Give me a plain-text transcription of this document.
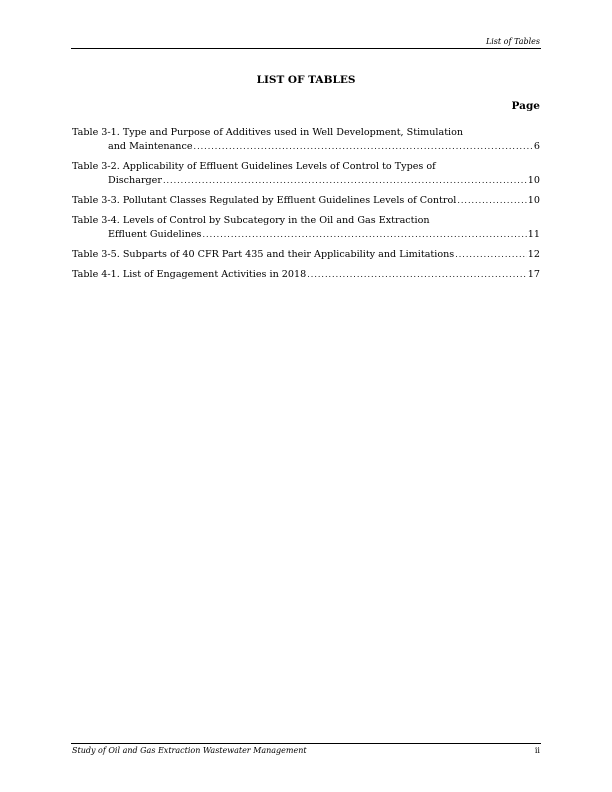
List of Tables
LIST OF TABLES
Page
Table 3-1. Type and Purpose of Additives used in Well Development, Stimulation
and Maintenance .....	6
Table 3-2. Applicability of Effluent Guidelines Levels of Control to Types of
Discharger .....	10
Table 3-3. Pollutant Classes Regulated by Effluent Guidelines Levels of Control .....	10
Table 3-4. Levels of Control by Subcategory in the Oil and Gas Extraction
Effluent Guidelines .....	11
Table 3-5. Subparts of 40 CFR Part 435 and their Applicability and Limitations .....	12
Table 4-1. List of Engagement Activities in 2018 .....	17
Study of Oil and Gas Extraction Wastewater Management	ii
